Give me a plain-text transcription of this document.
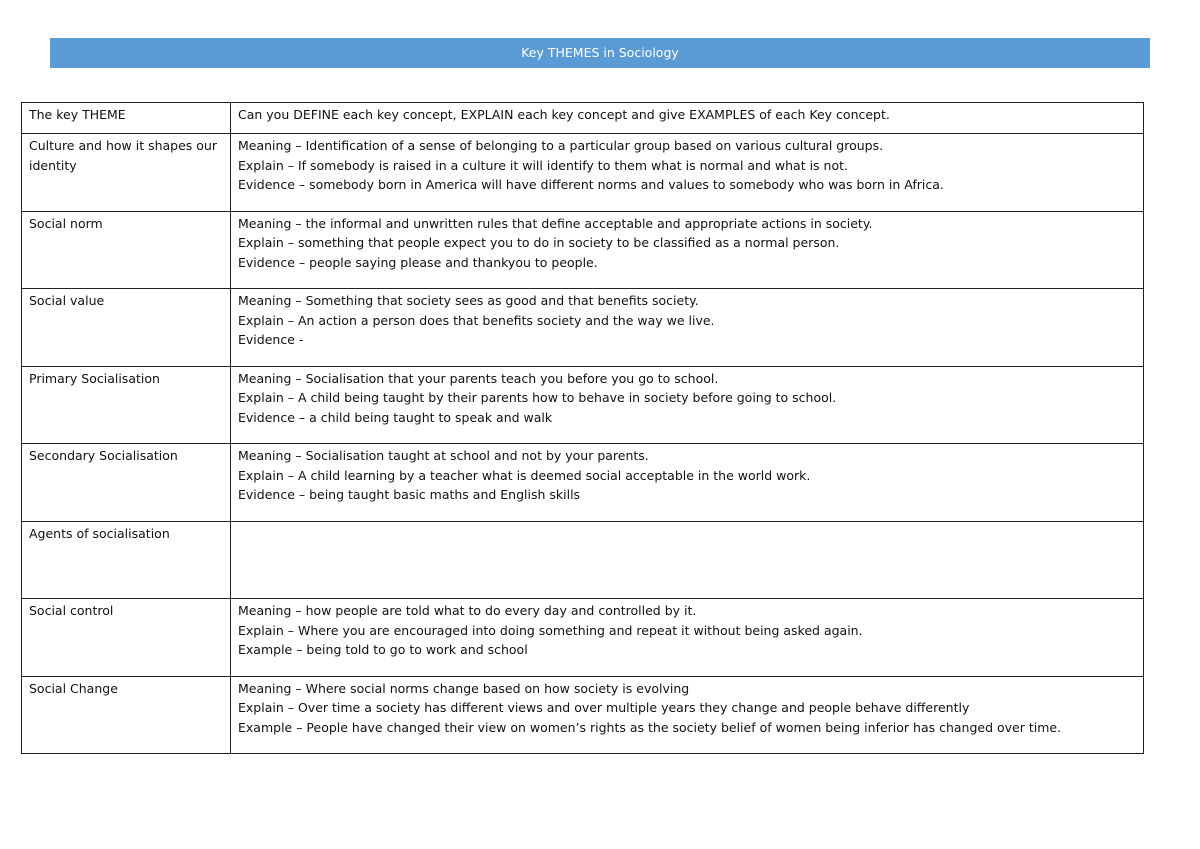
Key THEMES in Sociology
The key THEME	Can you DEFINE each key concept, EXPLAIN each key concept and give EXAMPLES of each Key concept.

Culture and how it shapes our identity	Meaning – Identification of a sense of belonging to a particular group based on various cultural groups.
Explain – If somebody is raised in a culture it will identify to them what is normal and what is not.
Evidence – somebody born in America will have different norms and values to somebody who was born in Africa.

Social norm	Meaning – the informal and unwritten rules that define acceptable and appropriate actions in society.
Explain – something that people expect you to do in society to be classified as a normal person.
Evidence – people saying please and thankyou to people.

Social value	Meaning – Something that society sees as good and that benefits society.
Explain – An action a person does that benefits society and the way we live.
Evidence -

Primary Socialisation	Meaning – Socialisation that your parents teach you before you go to school.
Explain – A child being taught by their parents how to behave in society before going to school.
Evidence – a child being taught to speak and walk

Secondary Socialisation	Meaning – Socialisation taught at school and not by your parents.
Explain – A child learning by a teacher what is deemed social acceptable in the world work.
Evidence – being taught basic maths and English skills

Agents of socialisation	

Social control	Meaning – how people are told what to do every day and controlled by it.
Explain – Where you are encouraged into doing something and repeat it without being asked again.
Example – being told to go to work and school

Social Change	Meaning – Where social norms change based on how society is evolving
Explain – Over time a society has different views and over multiple years they change and people behave differently
Example – People have changed their view on women’s rights as the society belief of women being inferior has changed over time.
